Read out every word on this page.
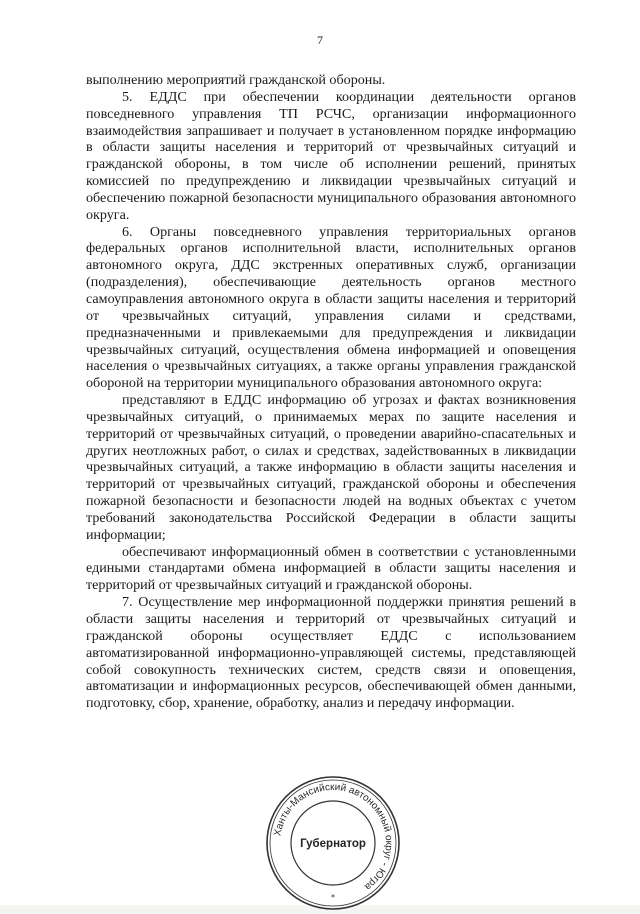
7

выполнению мероприятий гражданской обороны.

5. ЕДДС при обеспечении координации деятельности органов повседневного управления ТП РСЧС, организации информационного взаимодействия запрашивает и получает в установленном порядке информацию в области защиты населения и территорий от чрезвычайных ситуаций и гражданской обороны, в том числе об исполнении решений, принятых комиссией по предупреждению и ликвидации чрезвычайных ситуаций и обеспечению пожарной безопасности муниципального образования автономного округа.

6. Органы повседневного управления территориальных органов федеральных органов исполнительной власти, исполнительных органов автономного округа, ДДС экстренных оперативных служб, организации (подразделения), обеспечивающие деятельность органов местного самоуправления автономного округа в области защиты населения и территорий от чрезвычайных ситуаций, управления силами и средствами, предназначенными и привлекаемыми для предупреждения и ликвидации чрезвычайных ситуаций, осуществления обмена информацией и оповещения населения о чрезвычайных ситуациях, а также органы управления гражданской обороной на территории муниципального образования автономного округа:

представляют в ЕДДС информацию об угрозах и фактах возникновения чрезвычайных ситуаций, о принимаемых мерах по защите населения и территорий от чрезвычайных ситуаций, о проведении аварийно-спасательных и других неотложных работ, о силах и средствах, задействованных в ликвидации чрезвычайных ситуаций, а также информацию в области защиты населения и территорий от чрезвычайных ситуаций, гражданской обороны и обеспечения пожарной безопасности и безопасности людей на водных объектах с учетом требований законодательства Российской Федерации в области защиты информации;

обеспечивают информационный обмен в соответствии с установленными едиными стандартами обмена информацией в области защиты населения и территорий от чрезвычайных ситуаций и гражданской обороны.

7. Осуществление мер информационной поддержки принятия решений в области защиты населения и территорий от чрезвычайных ситуаций и гражданской обороны осуществляет ЕДДС с использованием автоматизированной информационно-управляющей системы, представляющей собой совокупность технических систем, средств связи и оповещения, автоматизации и информационных ресурсов, обеспечивающей обмен данными, подготовку, сбор, хранение, обработку, анализ и передачу информации.

Ханты-Мансийский автономный округ - Югра
Губернатор
*
